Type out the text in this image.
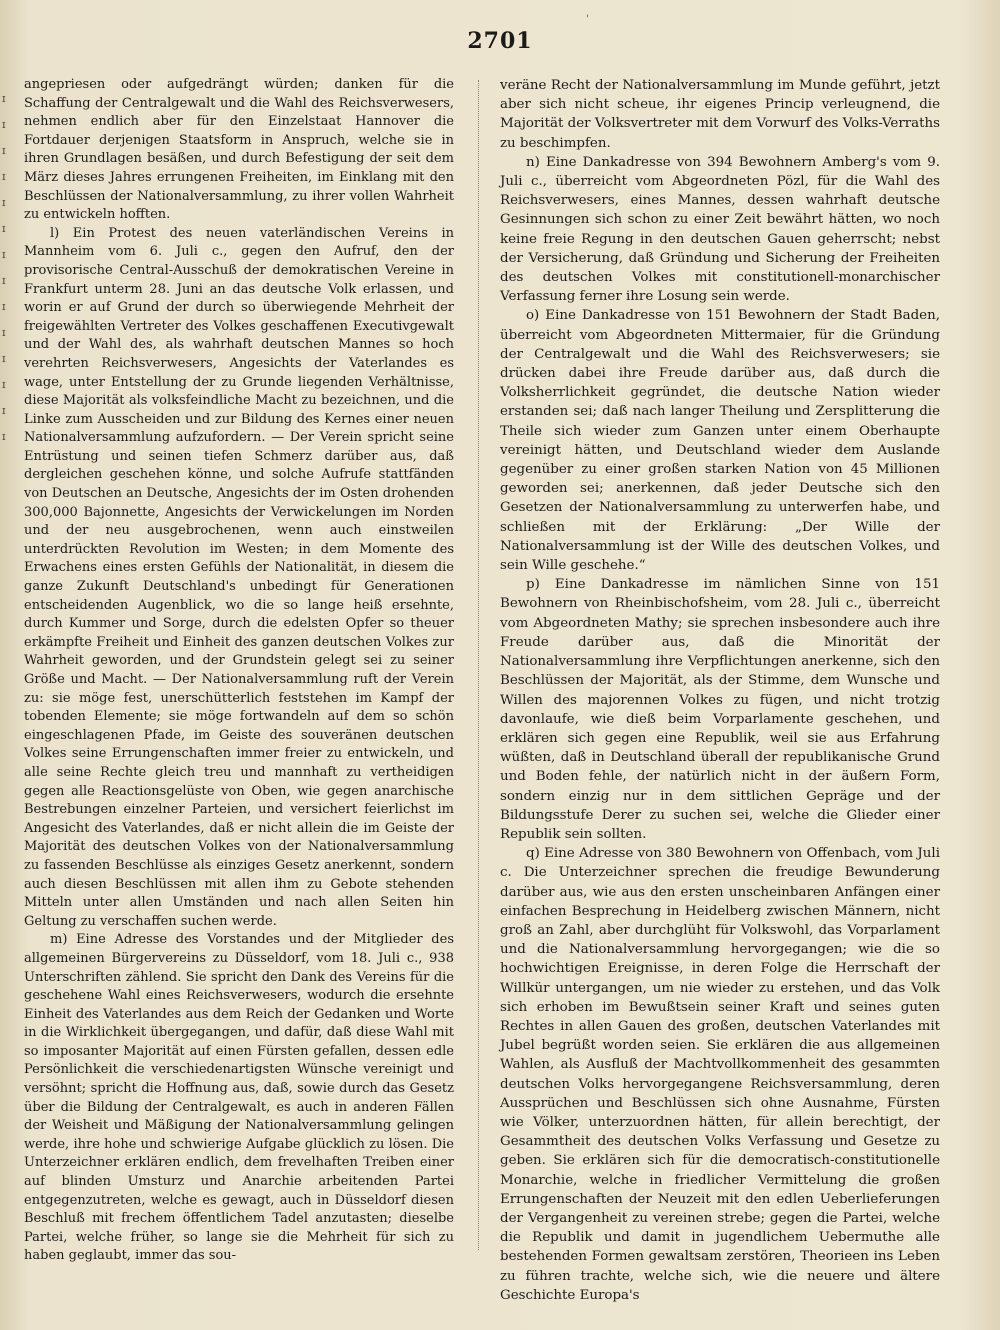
'
2701
ɪ ɪ ɪ ɪ ɪ ɪ ɪ ɪ ɪ ɪ ɪ ɪ ɪ ɪ

angepriesen oder aufgedrängt würden; danken für die Schaffung der Centralgewalt und die Wahl des Reichsverwesers, nehmen endlich aber für den Einzelstaat Hannover die Fortdauer derjenigen Staatsform in Anspruch, welche sie in ihren Grundlagen besäßen, und durch Befestigung der seit dem März dieses Jahres errungenen Freiheiten, im Einklang mit den Beschlüssen der Nationalversammlung, zu ihrer vollen Wahrheit zu entwickeln hofften.

l) Ein Protest des neuen vaterländischen Vereins in Mannheim vom 6. Juli c., gegen den Aufruf, den der provisorische Central-Ausschuß der demokratischen Vereine in Frankfurt unterm 28. Juni an das deutsche Volk erlassen, und worin er auf Grund der durch so überwiegende Mehrheit der freigewählten Vertreter des Volkes geschaffenen Executivgewalt und der Wahl des, als wahrhaft deutschen Mannes so hoch verehrten Reichsverwesers, Angesichts der Vaterlandes es wage, unter Entstellung der zu Grunde liegenden Verhältnisse, diese Majorität als volksfeindliche Macht zu bezeichnen, und die Linke zum Ausscheiden und zur Bildung des Kernes einer neuen Nationalversammlung aufzufordern. — Der Verein spricht seine Entrüstung und seinen tiefen Schmerz darüber aus, daß dergleichen geschehen könne, und solche Aufrufe stattfänden von Deutschen an Deutsche, Angesichts der im Osten drohenden 300,000 Bajonnette, Angesichts der Verwickelungen im Norden und der neu ausgebrochenen, wenn auch einstweilen unterdrückten Revolution im Westen; in dem Momente des Erwachens eines ersten Gefühls der Nationalität, in diesem die ganze Zukunft Deutschland's unbedingt für Generationen entscheidenden Augenblick, wo die so lange heiß ersehnte, durch Kummer und Sorge, durch die edelsten Opfer so theuer erkämpfte Freiheit und Einheit des ganzen deutschen Volkes zur Wahrheit geworden, und der Grundstein gelegt sei zu seiner Größe und Macht. — Der Nationalversammlung ruft der Verein zu: sie möge fest, unerschütterlich feststehen im Kampf der tobenden Elemente; sie möge fortwandeln auf dem so schön eingeschlagenen Pfade, im Geiste des souveränen deutschen Volkes seine Errungenschaften immer freier zu entwickeln, und alle seine Rechte gleich treu und mannhaft zu vertheidigen gegen alle Reactionsgelüste von Oben, wie gegen anarchische Bestrebungen einzelner Parteien, und versichert feierlichst im Angesicht des Vaterlandes, daß er nicht allein die im Geiste der Majorität des deutschen Volkes von der Nationalversammlung zu fassenden Beschlüsse als einziges Gesetz anerkennt, sondern auch diesen Beschlüssen mit allen ihm zu Gebote stehenden Mitteln unter allen Umständen und nach allen Seiten hin Geltung zu verschaffen suchen werde.

m) Eine Adresse des Vorstandes und der Mitglieder des allgemeinen Bürgervereins zu Düsseldorf, vom 18. Juli c., 938 Unterschriften zählend. Sie spricht den Dank des Vereins für die geschehene Wahl eines Reichsverwesers, wodurch die ersehnte Einheit des Vaterlandes aus dem Reich der Gedanken und Worte in die Wirklichkeit übergegangen, und dafür, daß diese Wahl mit so imposanter Majorität auf einen Fürsten gefallen, dessen edle Persönlichkeit die verschiedenartigsten Wünsche vereinigt und versöhnt; spricht die Hoffnung aus, daß, sowie durch das Gesetz über die Bildung der Centralgewalt, es auch in anderen Fällen der Weisheit und Mäßigung der Nationalversammlung gelingen werde, ihre hohe und schwierige Aufgabe glücklich zu lösen. Die Unterzeichner erklären endlich, dem frevelhaften Treiben einer auf blinden Umsturz und Anarchie arbeitenden Partei entgegenzutreten, welche es gewagt, auch in Düsseldorf diesen Beschluß mit frechem öffentlichem Tadel anzutasten; dieselbe Partei, welche früher, so lange sie die Mehrheit für sich zu haben geglaubt, immer das sou-

veräne Recht der Nationalversammlung im Munde geführt, jetzt aber sich nicht scheue, ihr eigenes Princip verleugnend, die Majorität der Volksvertreter mit dem Vorwurf des Volks-Verraths zu beschimpfen.

n) Eine Dankadresse von 394 Bewohnern Amberg's vom 9. Juli c., überreicht vom Abgeordneten Pözl, für die Wahl des Reichsverwesers, eines Mannes, dessen wahrhaft deutsche Gesinnungen sich schon zu einer Zeit bewährt hätten, wo noch keine freie Regung in den deutschen Gauen geherrscht; nebst der Versicherung, daß Gründung und Sicherung der Freiheiten des deutschen Volkes mit constitutionell-monarchischer Verfassung ferner ihre Losung sein werde.

o) Eine Dankadresse von 151 Bewohnern der Stadt Baden, überreicht vom Abgeordneten Mittermaier, für die Gründung der Centralgewalt und die Wahl des Reichsverwesers; sie drücken dabei ihre Freude darüber aus, daß durch die Volksherrlichkeit gegründet, die deutsche Nation wieder erstanden sei; daß nach langer Theilung und Zersplitterung die Theile sich wieder zum Ganzen unter einem Oberhaupte vereinigt hätten, und Deutschland wieder dem Auslande gegenüber zu einer großen starken Nation von 45 Millionen geworden sei; anerkennen, daß jeder Deutsche sich den Gesetzen der Nationalversammlung zu unterwerfen habe, und schließen mit der Erklärung: „Der Wille der Nationalversammlung ist der Wille des deutschen Volkes, und sein Wille geschehe.“

p) Eine Dankadresse im nämlichen Sinne von 151 Bewohnern von Rheinbischofsheim, vom 28. Juli c., überreicht vom Abgeordneten Mathy; sie sprechen insbesondere auch ihre Freude darüber aus, daß die Minorität der Nationalversammlung ihre Verpflichtungen anerkenne, sich den Beschlüssen der Majorität, als der Stimme, dem Wunsche und Willen des majorennen Volkes zu fügen, und nicht trotzig davonlaufe, wie dieß beim Vorparlamente geschehen, und erklären sich gegen eine Republik, weil sie aus Erfahrung wüßten, daß in Deutschland überall der republikanische Grund und Boden fehle, der natürlich nicht in der äußern Form, sondern einzig nur in dem sittlichen Gepräge und der Bildungsstufe Derer zu suchen sei, welche die Glieder einer Republik sein sollten.

q) Eine Adresse von 380 Bewohnern von Offenbach, vom Juli c. Die Unterzeichner sprechen die freudige Bewunderung darüber aus, wie aus den ersten unscheinbaren Anfängen einer einfachen Besprechung in Heidelberg zwischen Männern, nicht groß an Zahl, aber durchglüht für Volkswohl, das Vorparlament und die Nationalversammlung hervorgegangen; wie die so hochwichtigen Ereignisse, in deren Folge die Herrschaft der Willkür untergangen, um nie wieder zu erstehen, und das Volk sich erhoben im Bewußtsein seiner Kraft und seines guten Rechtes in allen Gauen des großen, deutschen Vaterlandes mit Jubel begrüßt worden seien. Sie erklären die aus allgemeinen Wahlen, als Ausfluß der Machtvollkommenheit des gesammten deutschen Volks hervorgegangene Reichsversammlung, deren Aussprüchen und Beschlüssen sich ohne Ausnahme, Fürsten wie Völker, unterzuordnen hätten, für allein berechtigt, der Gesammtheit des deutschen Volks Verfassung und Gesetze zu geben. Sie erklären sich für die democratisch-constitutionelle Monarchie, welche in friedlicher Vermittelung die großen Errungenschaften der Neuzeit mit den edlen Ueberlieferungen der Vergangenheit zu vereinen strebe; gegen die Partei, welche die Republik und damit in jugendlichem Uebermuthe alle bestehenden Formen gewaltsam zerstören, Theorieen ins Leben zu führen trachte, welche sich, wie die neuere und ältere Geschichte Europa's
